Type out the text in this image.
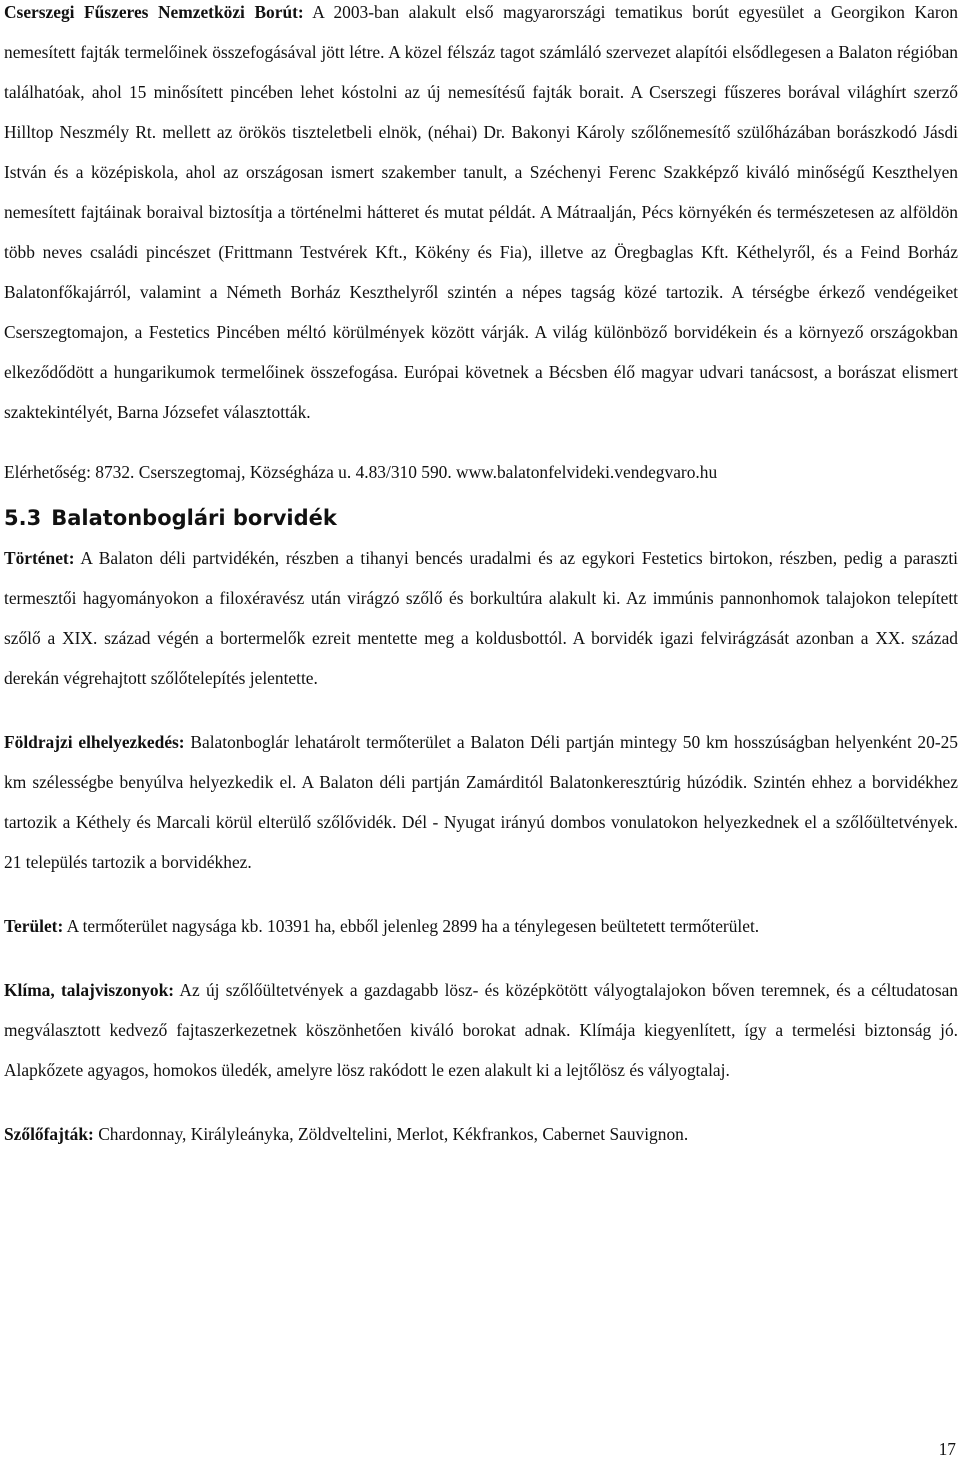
Cserszegi Fűszeres Nemzetközi Borút: A 2003-ban alakult első magyarországi tematikus borút egyesület a Georgikon Karon nemesített fajták termelőinek összefogásával jött létre. A közel félszáz tagot számláló szervezet alapítói elsődlegesen a Balaton régióban találhatóak, ahol 15 minősített pincében lehet kóstolni az új nemesítésű fajták borait. A Cserszegi fűszeres borával világhírt szerző Hilltop Neszmély Rt. mellett az örökös tiszteletbeli elnök, (néhai) Dr. Bakonyi Károly szőlőnemesítő szülőházában borászkodó Jásdi István és a középiskola, ahol az országosan ismert szakember tanult, a Széchenyi Ferenc Szakképző kiváló minőségű Keszthelyen nemesített fajtáinak boraival biztosítja a történelmi hátteret és mutat példát. A Mátraalján, Pécs környékén és természetesen az alföldön több neves családi pincészet (Frittmann Testvérek Kft., Kökény és Fia), illetve az Öregbaglas Kft. Kéthelyről, és a Feind Borház Balatonfőkajárról, valamint a Németh Borház Keszthelyről szintén a népes tagság közé tartozik. A térségbe érkező vendégeiket Cserszegtomajon, a Festetics Pincében méltó körülmények között várják. A világ különböző borvidékein és a környező országokban elkeződődött a hungarikumok termelőinek összefogása. Európai követnek a Bécsben élő magyar udvari tanácsost, a borászat elismert szaktekintélyét, Barna Józsefet választották.

Elérhetőség: 8732. Cserszegtomaj, Községháza u. 4.83/310 590. www.balatonfelvideki.vendegvaro.hu

5.3 Balatonboglári borvidék

Történet: A Balaton déli partvidékén, részben a tihanyi bencés uradalmi és az egykori Festetics birtokon, részben, pedig a paraszti termesztői hagyományokon a filoxéravész után virágzó szőlő és borkultúra alakult ki. Az immúnis pannonhomok talajokon telepített szőlő a XIX. század végén a bortermelők ezreit mentette meg a koldusbottól. A borvidék igazi felvirágzását azonban a XX. század derekán végrehajtott szőlőtelepítés jelentette.

Földrajzi elhelyezkedés: Balatonboglár lehatárolt termőterület a Balaton Déli partján mintegy 50 km hosszúságban helyenként 20-25 km szélességbe benyúlva helyezkedik el. A Balaton déli partján Zamárditól Balatonkeresztúrig húzódik. Szintén ehhez a borvidékhez tartozik a Kéthely és Marcali körül elterülő szőlővidék. Dél - Nyugat irányú dombos vonulatokon helyezkednek el a szőlőültetvények. 21 település tartozik a borvidékhez.

Terület: A termőterület nagysága kb. 10391 ha, ebből jelenleg 2899 ha a ténylegesen beültetett termőterület.

Klíma, talajviszonyok: Az új szőlőültetvények a gazdagabb lösz- és középkötött vályogtalajokon bőven teremnek, és a céltudatosan megválasztott kedvező fajtaszerkezetnek köszönhetően kiváló borokat adnak. Klímája kiegyenlített, így a termelési biztonság jó. Alapkőzete agyagos, homokos üledék, amelyre lösz rakódott le ezen alakult ki a lejtőlösz és vályogtalaj.

Szőlőfajták: Chardonnay, Királyleányka, Zöldveltelini, Merlot, Kékfrankos, Cabernet Sauvignon.

17
